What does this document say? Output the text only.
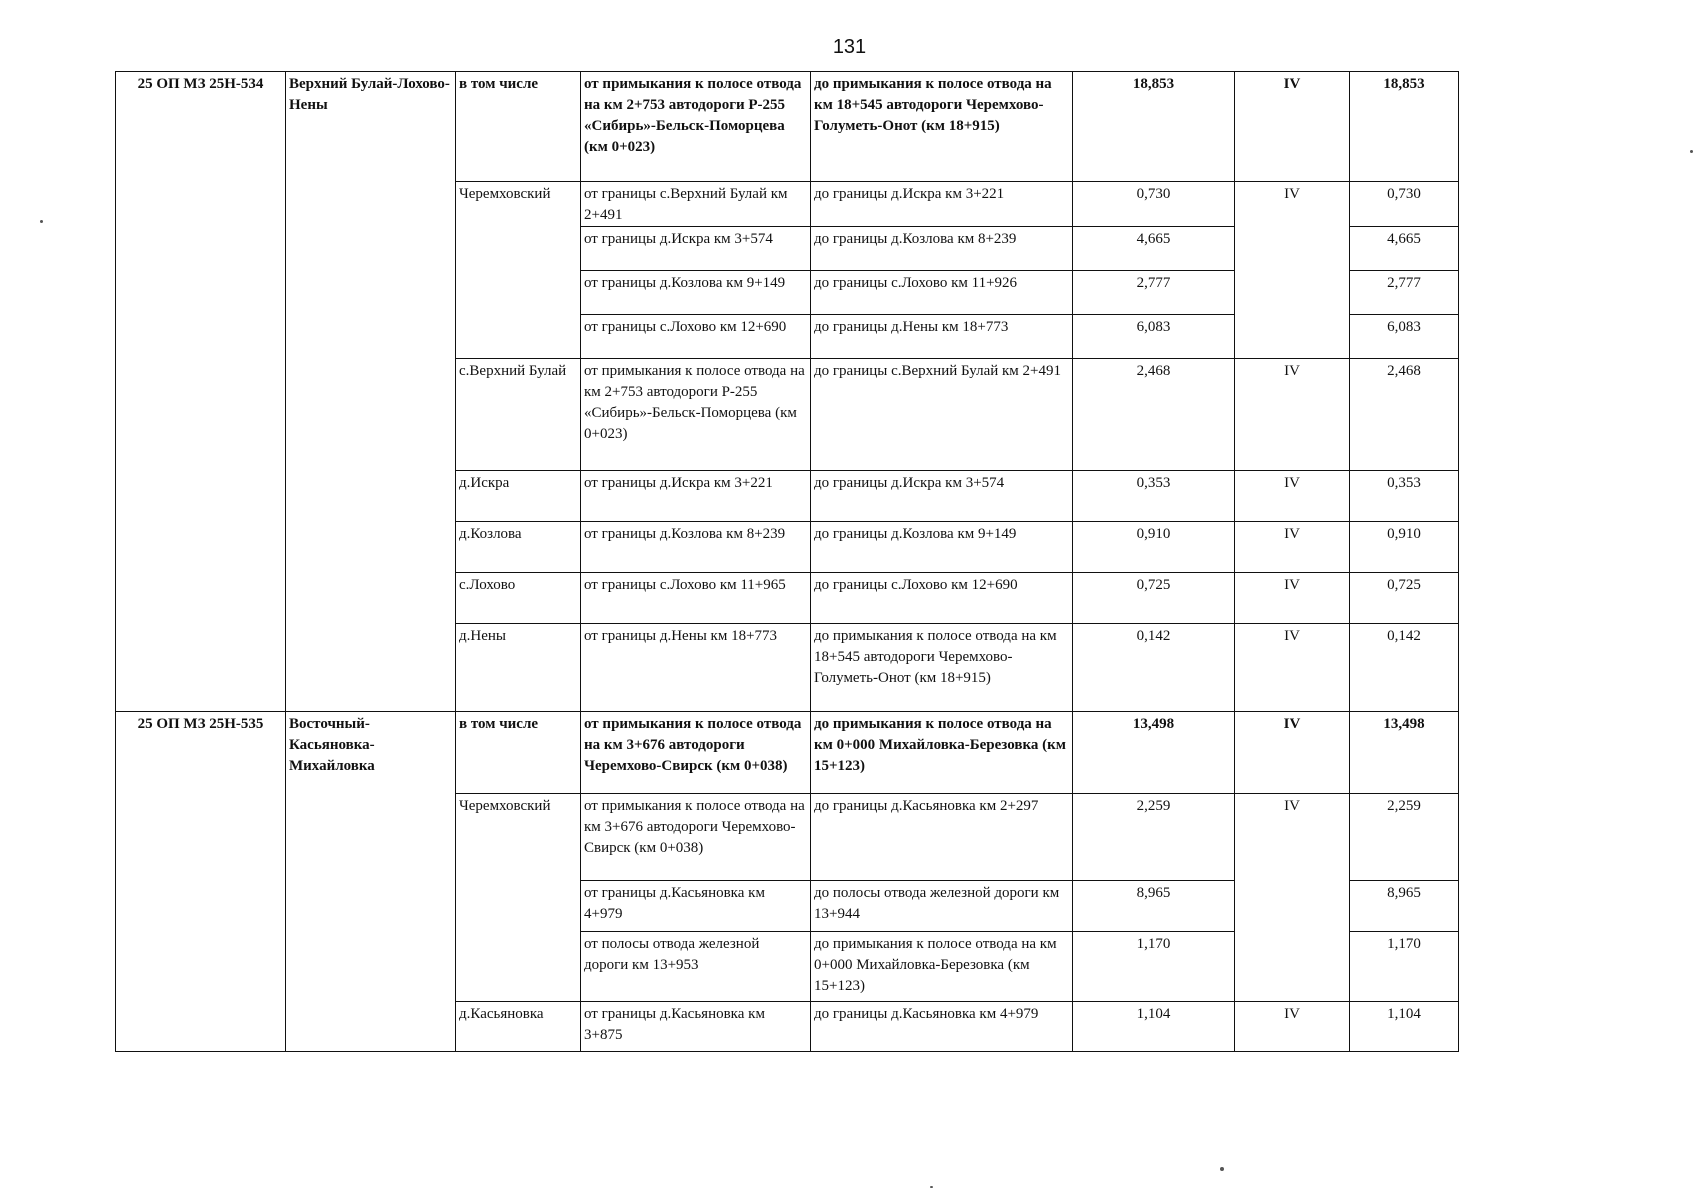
131
25 ОП МЗ 25Н-534	Верхний Булай-Лохово-Нены	в том числе	от примыкания к полосе отвода на км 2+753 автодороги Р-255 «Сибирь»-Бельск-Поморцева (км 0+023)	до примыкания к полосе отвода на км 18+545 автодороги Черемхово-Голуметь-Онот (км 18+915)	18,853	IV	18,853
		Черемховский	от границы с.Верхний Булай км 2+491	до границы д.Искра км 3+221	0,730	IV	0,730
			от границы д.Искра км 3+574	до границы д.Козлова км 8+239	4,665		4,665
			от границы д.Козлова км 9+149	до границы с.Лохово км 11+926	2,777		2,777
			от границы с.Лохово км 12+690	до границы д.Нены км 18+773	6,083		6,083
		с.Верхний Булай	от примыкания к полосе отвода на км 2+753 автодороги Р-255 «Сибирь»-Бельск-Поморцева (км 0+023)	до границы с.Верхний Булай км 2+491	2,468	IV	2,468
		д.Искра	от границы д.Искра км 3+221	до границы д.Искра км 3+574	0,353	IV	0,353
		д.Козлова	от границы д.Козлова км 8+239	до границы д.Козлова км 9+149	0,910	IV	0,910
		с.Лохово	от границы с.Лохово км 11+965	до границы с.Лохово км 12+690	0,725	IV	0,725
		д.Нены	от границы д.Нены км 18+773	до примыкания к полосе отвода на км 18+545 автодороги Черемхово-Голуметь-Онот (км 18+915)	0,142	IV	0,142
25 ОП МЗ 25Н-535	Восточный-Касьяновка-Михайловка	в том числе	от примыкания к полосе отвода на км 3+676 автодороги Черемхово-Свирск (км 0+038)	до примыкания к полосе отвода на км 0+000 Михайловка-Березовка (км 15+123)	13,498	IV	13,498
		Черемховский	от примыкания к полосе отвода на км 3+676 автодороги Черемхово-Свирск (км 0+038)	до границы д.Касьяновка км 2+297	2,259	IV	2,259
			от границы д.Касьяновка км 4+979	до полосы отвода железной дороги км 13+944	8,965		8,965
			от полосы отвода железной дороги км 13+953	до примыкания к полосе отвода на км 0+000 Михайловка-Березовка (км 15+123)	1,170		1,170
		д.Касьяновка	от границы д.Касьяновка км 3+875	до границы д.Касьяновка км 4+979	1,104	IV	1,104
